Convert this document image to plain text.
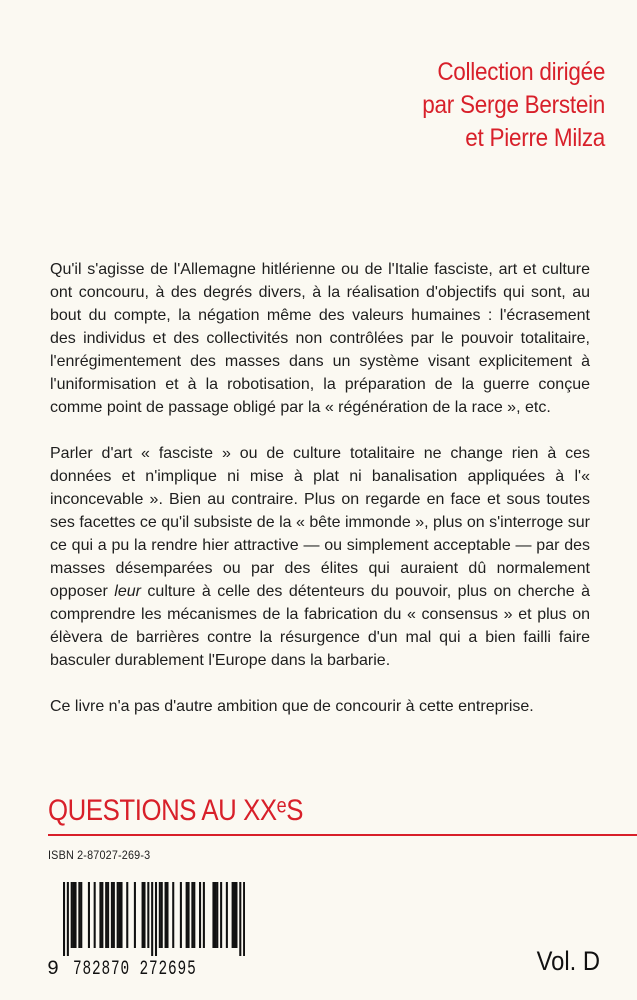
Collection dirigée
par Serge Berstein
et Pierre Milza

Qu'il s'agisse de l'Allemagne hitlérienne ou de l'Italie fasciste, art et culture ont concouru, à des degrés divers, à la réalisation d'objectifs qui sont, au bout du compte, la négation même des valeurs humaines : l'écrasement des individus et des collectivités non contrôlées par le pouvoir totalitaire, l'enrégimentement des masses dans un système visant explicitement à l'uniformisation et à la robotisation, la préparation de la guerre conçue comme point de passage obligé par la « régénération de la race », etc.

Parler d'art « fasciste » ou de culture totalitaire ne change rien à ces données et n'implique ni mise à plat ni banalisation appliquées à l'« inconcevable ». Bien au contraire. Plus on regarde en face et sous toutes ses facettes ce qu'il subsiste de la « bête immonde », plus on s'interroge sur ce qui a pu la rendre hier attractive — ou simplement acceptable — par des masses désemparées ou par des élites qui auraient dû normalement opposer leur culture à celle des détenteurs du pouvoir, plus on cherche à comprendre les mécanismes de la fabrication du « consensus » et plus on élèvera de barrières contre la résurgence d'un mal qui a bien failli faire basculer durablement l'Europe dans la barbarie.

Ce livre n'a pas d'autre ambition que de concourir à cette entreprise.

QUESTIONS AU XXeS
ISBN 2-87027-269-3
9 782870 272695	Vol. D
